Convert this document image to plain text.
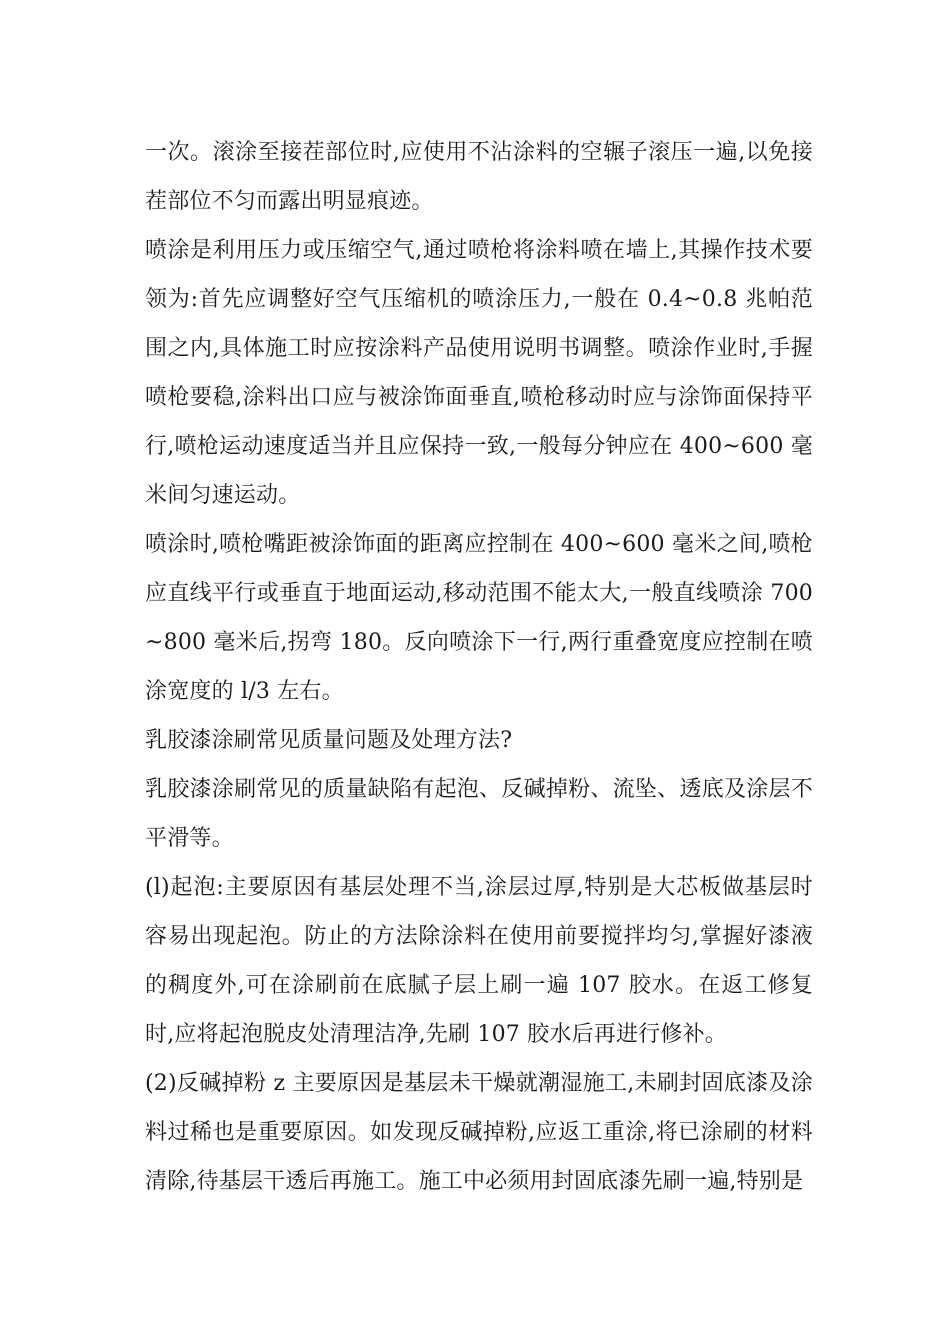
一次。滚涂至接茬部位时,应使用不沾涂料的空辗子滚压一遍,以免接茬部位不匀而露出明显痕迹。

喷涂是利用压力或压缩空气,通过喷枪将涂料喷在墙上,其操作技术要领为:首先应调整好空气压缩机的喷涂压力,一般在 0.4~0.8 兆帕范围之内,具体施工时应按涂料产品使用说明书调整。喷涂作业时,手握喷枪要稳,涂料出口应与被涂饰面垂直,喷枪移动时应与涂饰面保持平行,喷枪运动速度适当并且应保持一致,一般每分钟应在 400~600 毫米间匀速运动。

喷涂时,喷枪嘴距被涂饰面的距离应控制在 400~600 毫米之间,喷枪应直线平行或垂直于地面运动,移动范围不能太大,一般直线喷涂 700~800 毫米后,拐弯 180。反向喷涂下一行,两行重叠宽度应控制在喷涂宽度的 l/3 左右。

乳胶漆涂刷常见质量问题及处理方法?

乳胶漆涂刷常见的质量缺陷有起泡、反碱掉粉、流坠、透底及涂层不平滑等。

(l)起泡:主要原因有基层处理不当,涂层过厚,特别是大芯板做基层时容易出现起泡。防止的方法除涂料在使用前要搅拌均匀,掌握好漆液的稠度外,可在涂刷前在底腻子层上刷一遍 107 胶水。在返工修复时,应将起泡脱皮处清理洁净,先刷 107 胶水后再进行修补。

(2)反碱掉粉 z 主要原因是基层未干燥就潮湿施工,未刷封固底漆及涂料过稀也是重要原因。如发现反碱掉粉,应返工重涂,将已涂刷的材料清除,待基层干透后再施工。施工中必须用封固底漆先刷一遍,特别是
